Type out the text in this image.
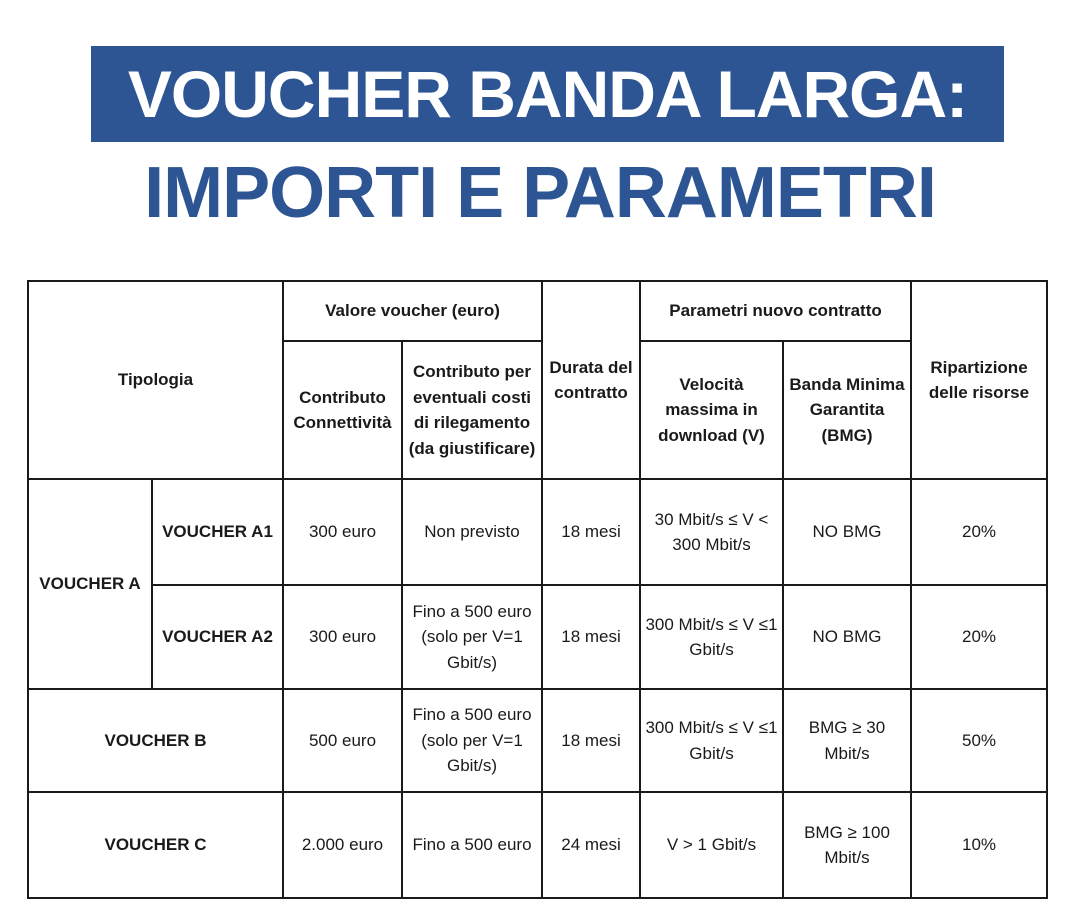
VOUCHER BANDA LARGA:
IMPORTI E PARAMETRI
Tipologia		Valore voucher (euro)		Durata del contratto	Parametri nuovo contratto		Ripartizione delle risorse
		Contributo Connettività	Contributo per eventuali costi di rilegamento (da giustificare)		Velocità massima in download (V)	Banda Minima Garantita (BMG)	
VOUCHER A	VOUCHER A1	300 euro	Non previsto	18 mesi	30 Mbit/s ≤ V < 300 Mbit/s	NO BMG	20%
	VOUCHER A2	300 euro	Fino a 500 euro (solo per V=1 Gbit/s)	18 mesi	300 Mbit/s ≤ V ≤1 Gbit/s	NO BMG	20%
VOUCHER B		500 euro	Fino a 500 euro (solo per V=1 Gbit/s)	18 mesi	300 Mbit/s ≤ V ≤1 Gbit/s	BMG ≥ 30 Mbit/s	50%
VOUCHER C		2.000 euro	Fino a 500 euro	24 mesi	V > 1 Gbit/s	BMG ≥ 100 Mbit/s	10%
